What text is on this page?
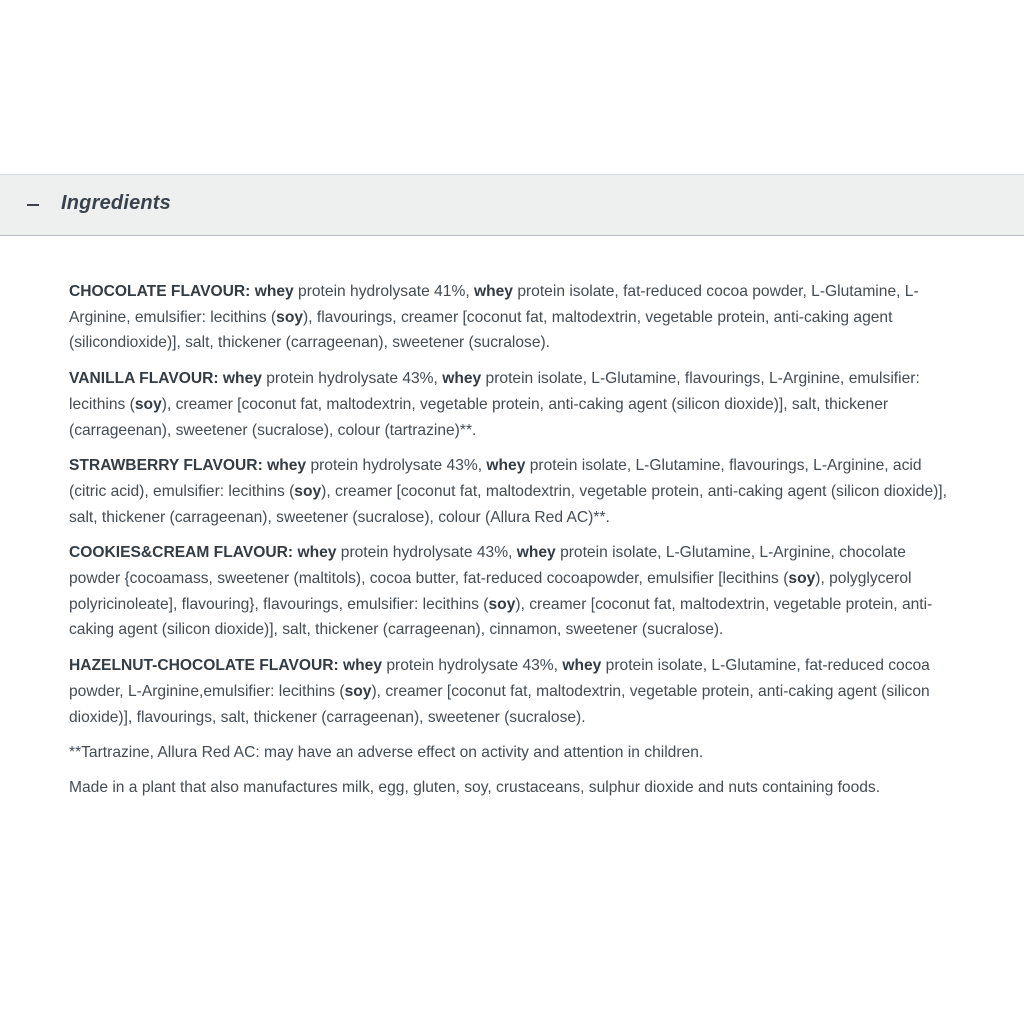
Ingredients

CHOCOLATE FLAVOUR: whey protein hydrolysate 41%, whey protein isolate, fat-reduced cocoa powder, L-Glutamine, L-Arginine, emulsifier: lecithins (soy), flavourings, creamer [coconut fat, maltodextrin, vegetable protein, anti-caking agent (silicondioxide)], salt, thickener (carrageenan), sweetener (sucralose).

VANILLA FLAVOUR: whey protein hydrolysate 43%, whey protein isolate, L-Glutamine, flavourings, L-Arginine, emulsifier: lecithins (soy), creamer [coconut fat, maltodextrin, vegetable protein, anti-caking agent (silicon dioxide)], salt, thickener (carrageenan), sweetener (sucralose), colour (tartrazine)**.

STRAWBERRY FLAVOUR: whey protein hydrolysate 43%, whey protein isolate, L-Glutamine, flavourings, L-Arginine, acid (citric acid), emulsifier: lecithins (soy), creamer [coconut fat, maltodextrin, vegetable protein, anti-caking agent (silicon dioxide)], salt, thickener (carrageenan), sweetener (sucralose), colour (Allura Red AC)**.

COOKIES&CREAM FLAVOUR: whey protein hydrolysate 43%, whey protein isolate, L-Glutamine, L-Arginine, chocolate powder {cocoamass, sweetener (maltitols), cocoa butter, fat-reduced cocoapowder, emulsifier [lecithins (soy), polyglycerol polyricinoleate], flavouring}, flavourings, emulsifier: lecithins (soy), creamer [coconut fat, maltodextrin, vegetable protein, anti-caking agent (silicon dioxide)], salt, thickener (carrageenan), cinnamon, sweetener (sucralose).

HAZELNUT-CHOCOLATE FLAVOUR: whey protein hydrolysate 43%, whey protein isolate, L-Glutamine, fat-reduced cocoa powder, L-Arginine,emulsifier: lecithins (soy), creamer [coconut fat, maltodextrin, vegetable protein, anti-caking agent (silicon dioxide)], flavourings, salt, thickener (carrageenan), sweetener (sucralose).

**Tartrazine, Allura Red AC: may have an adverse effect on activity and attention in children.

Made in a plant that also manufactures milk, egg, gluten, soy, crustaceans, sulphur dioxide and nuts containing foods.
